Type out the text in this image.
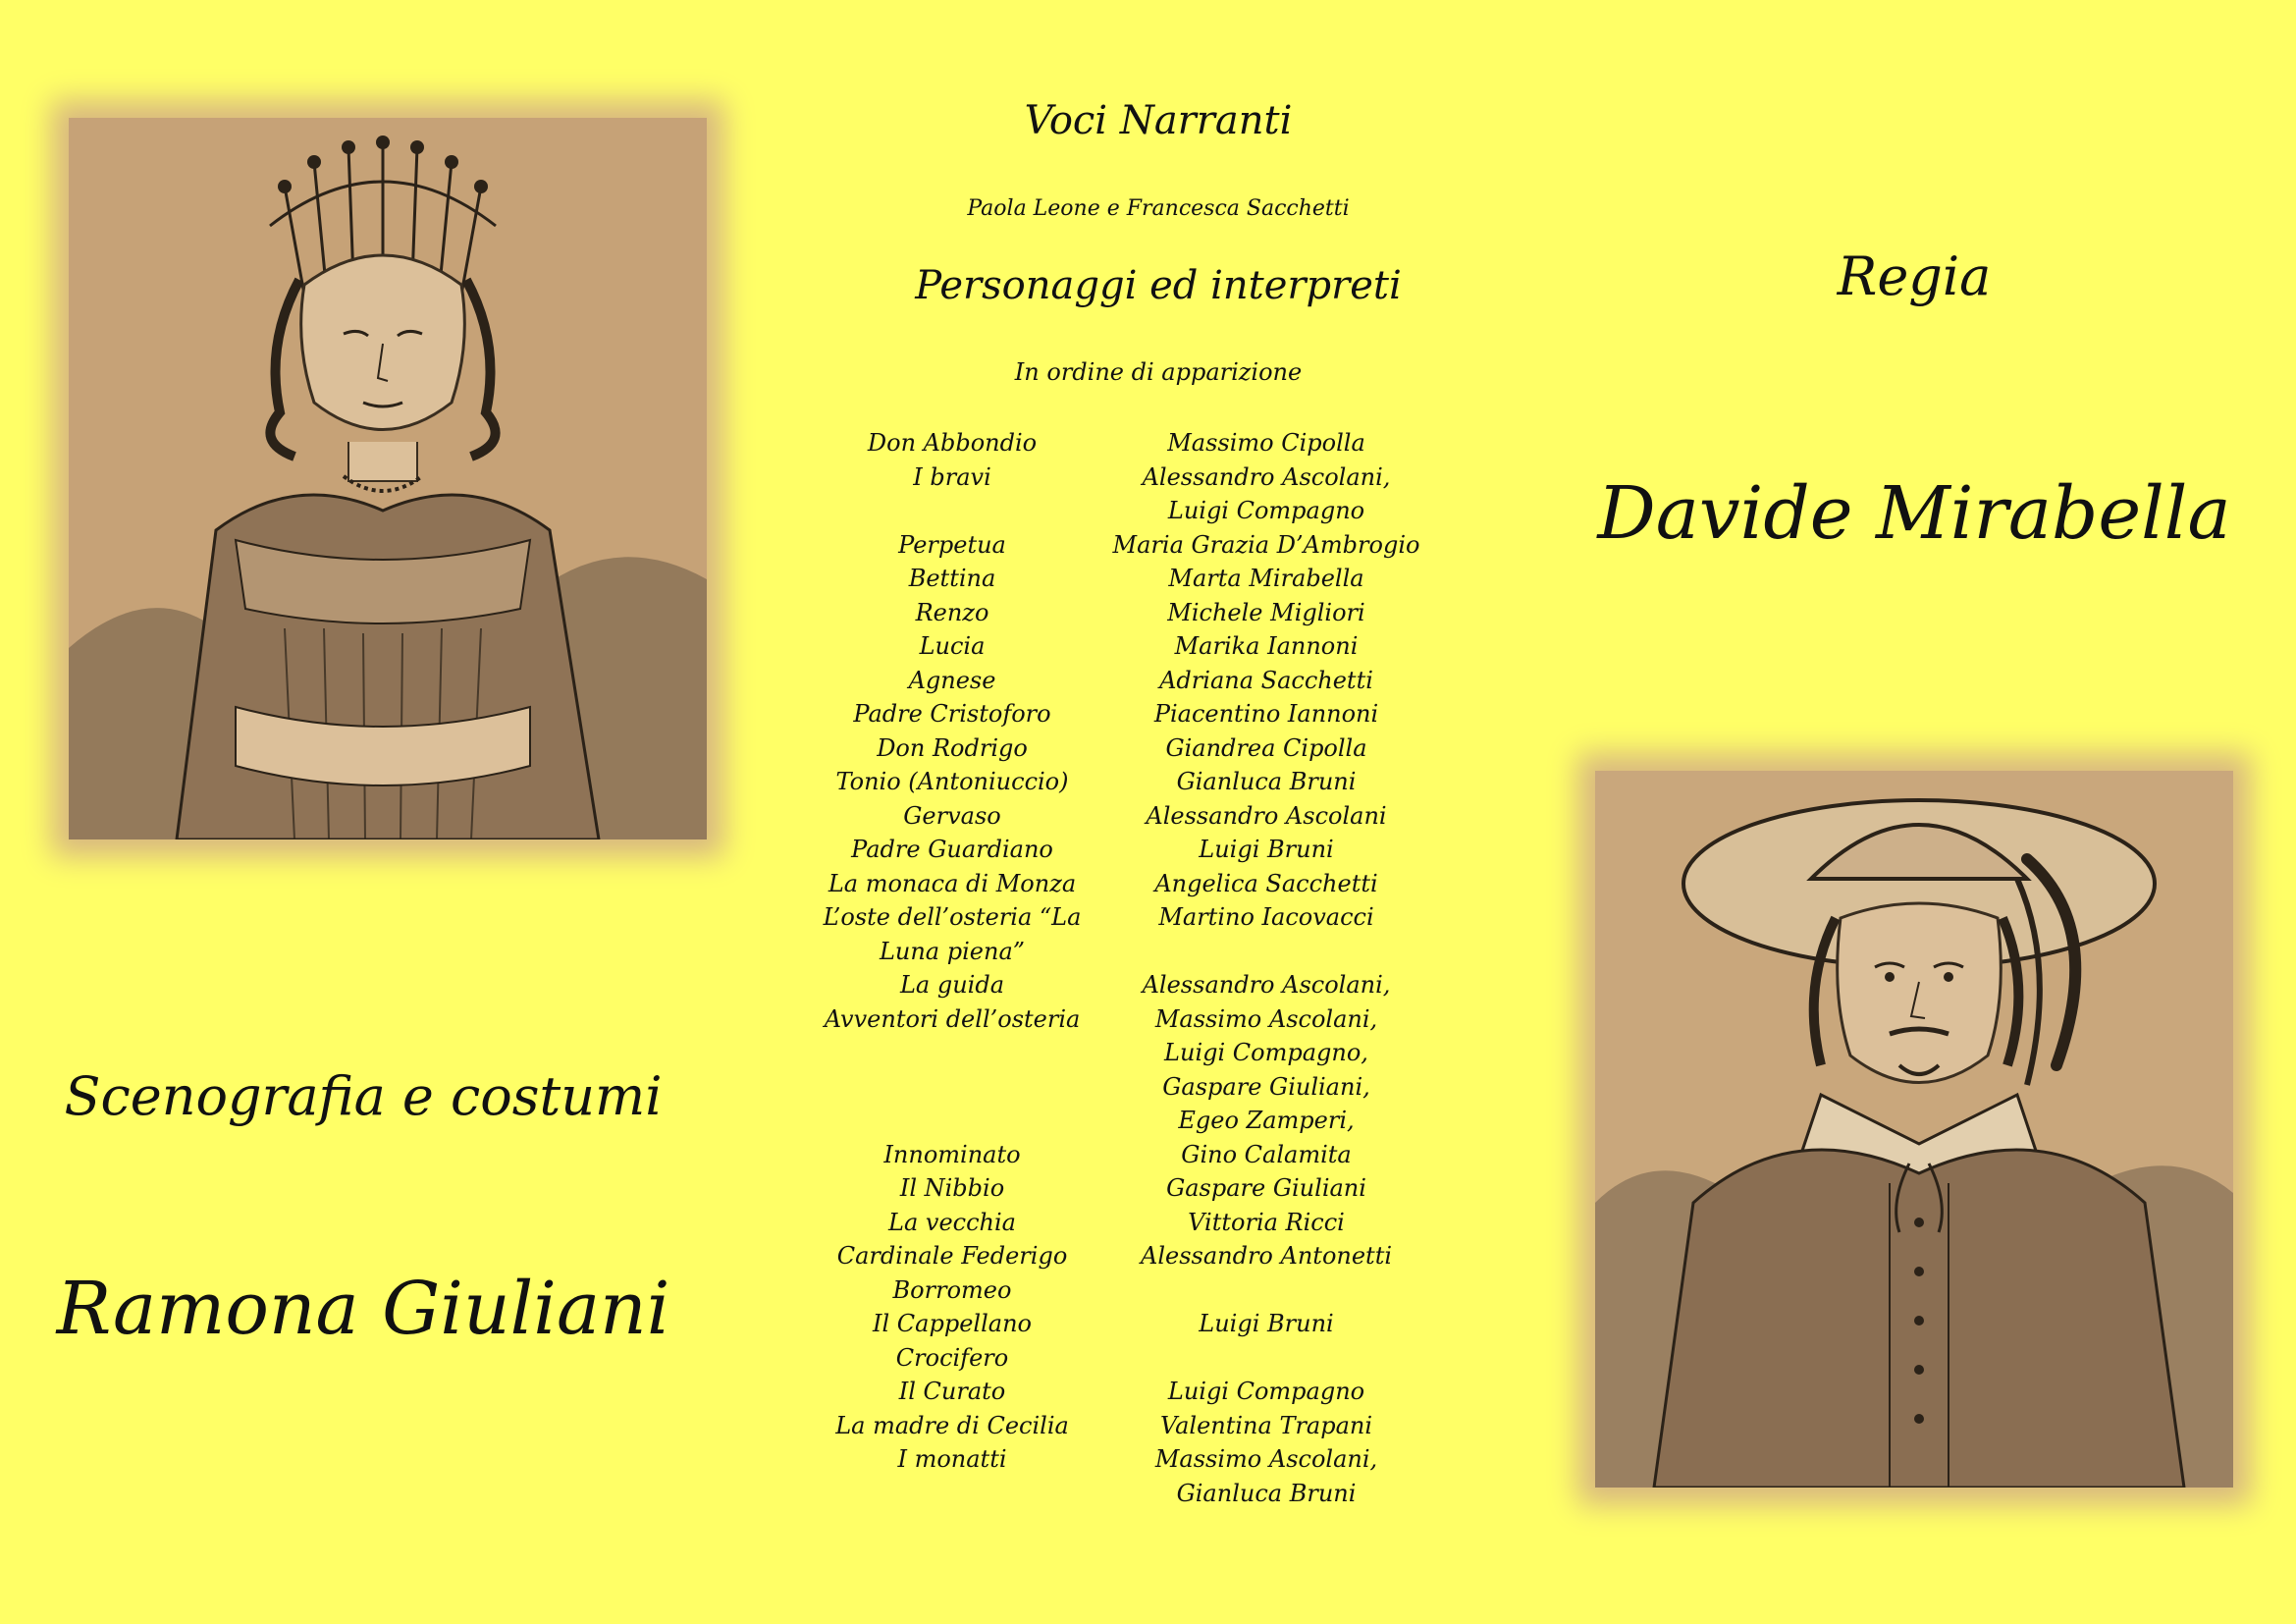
Scenografia e costumi
Ramona Giuliani
Voci Narranti
Paola Leone e Francesca Sacchetti
Personaggi ed interpreti
In ordine di apparizione
Don Abbondio	Massimo Cipolla
I bravi	Alessandro Ascolani,
Luigi Compagno
Perpetua	Maria Grazia D’Ambrogio
Bettina	Marta Mirabella
Renzo	Michele Migliori
Lucia	Marika Iannoni
Agnese	Adriana Sacchetti
Padre Cristoforo	Piacentino Iannoni
Don Rodrigo	Giandrea Cipolla
Tonio (Antoniuccio)	Gianluca Bruni
Gervaso	Alessandro Ascolani
Padre Guardiano	Luigi Bruni
La monaca di Monza	Angelica Sacchetti
L’oste dell’osteria “La	Martino Iacovacci
Luna piena”
La guida	Alessandro Ascolani,
Avventori dell’osteria	Massimo Ascolani,
Luigi Compagno,
Gaspare Giuliani,
Egeo Zamperi,
Innominato	Gino Calamita
Il Nibbio	Gaspare Giuliani
La vecchia	Vittoria Ricci
Cardinale Federigo	Alessandro Antonetti
Borromeo
Il Cappellano	Luigi Bruni
Crocifero
Il Curato	Luigi Compagno
La madre di Cecilia	Valentina Trapani
I monatti	Massimo Ascolani,
Gianluca Bruni
Regia
Davide Mirabella
